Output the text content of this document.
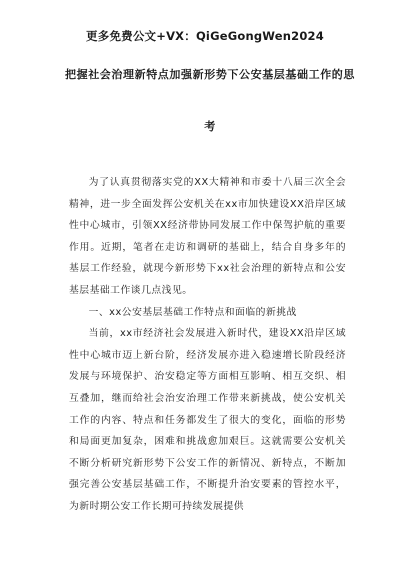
更多免费公文+VX：QiGeGongWen2024
把握社会治理新特点加强新形势下公安基层基础工作的思
考

为了认真贯彻落实党的XX大精神和市委十八届三次全会精神，进一步全面发挥公安机关在xx市加快建设XX沿岸区域性中心城市，引领XX经济带协同发展工作中保驾护航的重要作用。近期，笔者在走访和调研的基础上，结合自身多年的基层工作经验，就现今新形势下xx社会治理的新特点和公安基层基础工作谈几点浅见。

一、xx公安基层基础工作特点和面临的新挑战

当前，xx市经济社会发展进入新时代，建设XX沿岸区域性中心城市迈上新台阶，经济发展亦进入稳速增长阶段经济发展与环境保护、治安稳定等方面相互影响、相互交织、相互叠加，继而给社会治安治理工作带来新挑战，使公安机关工作的内容、特点和任务都发生了很大的变化，面临的形势和局面更加复杂，困难和挑战愈加艰巨。这就需要公安机关不断分析研究新形势下公安工作的新情况、新特点，不断加强完善公安基层基础工作，不断提升治安要素的管控水平，为新时期公安工作长期可持续发展提供
